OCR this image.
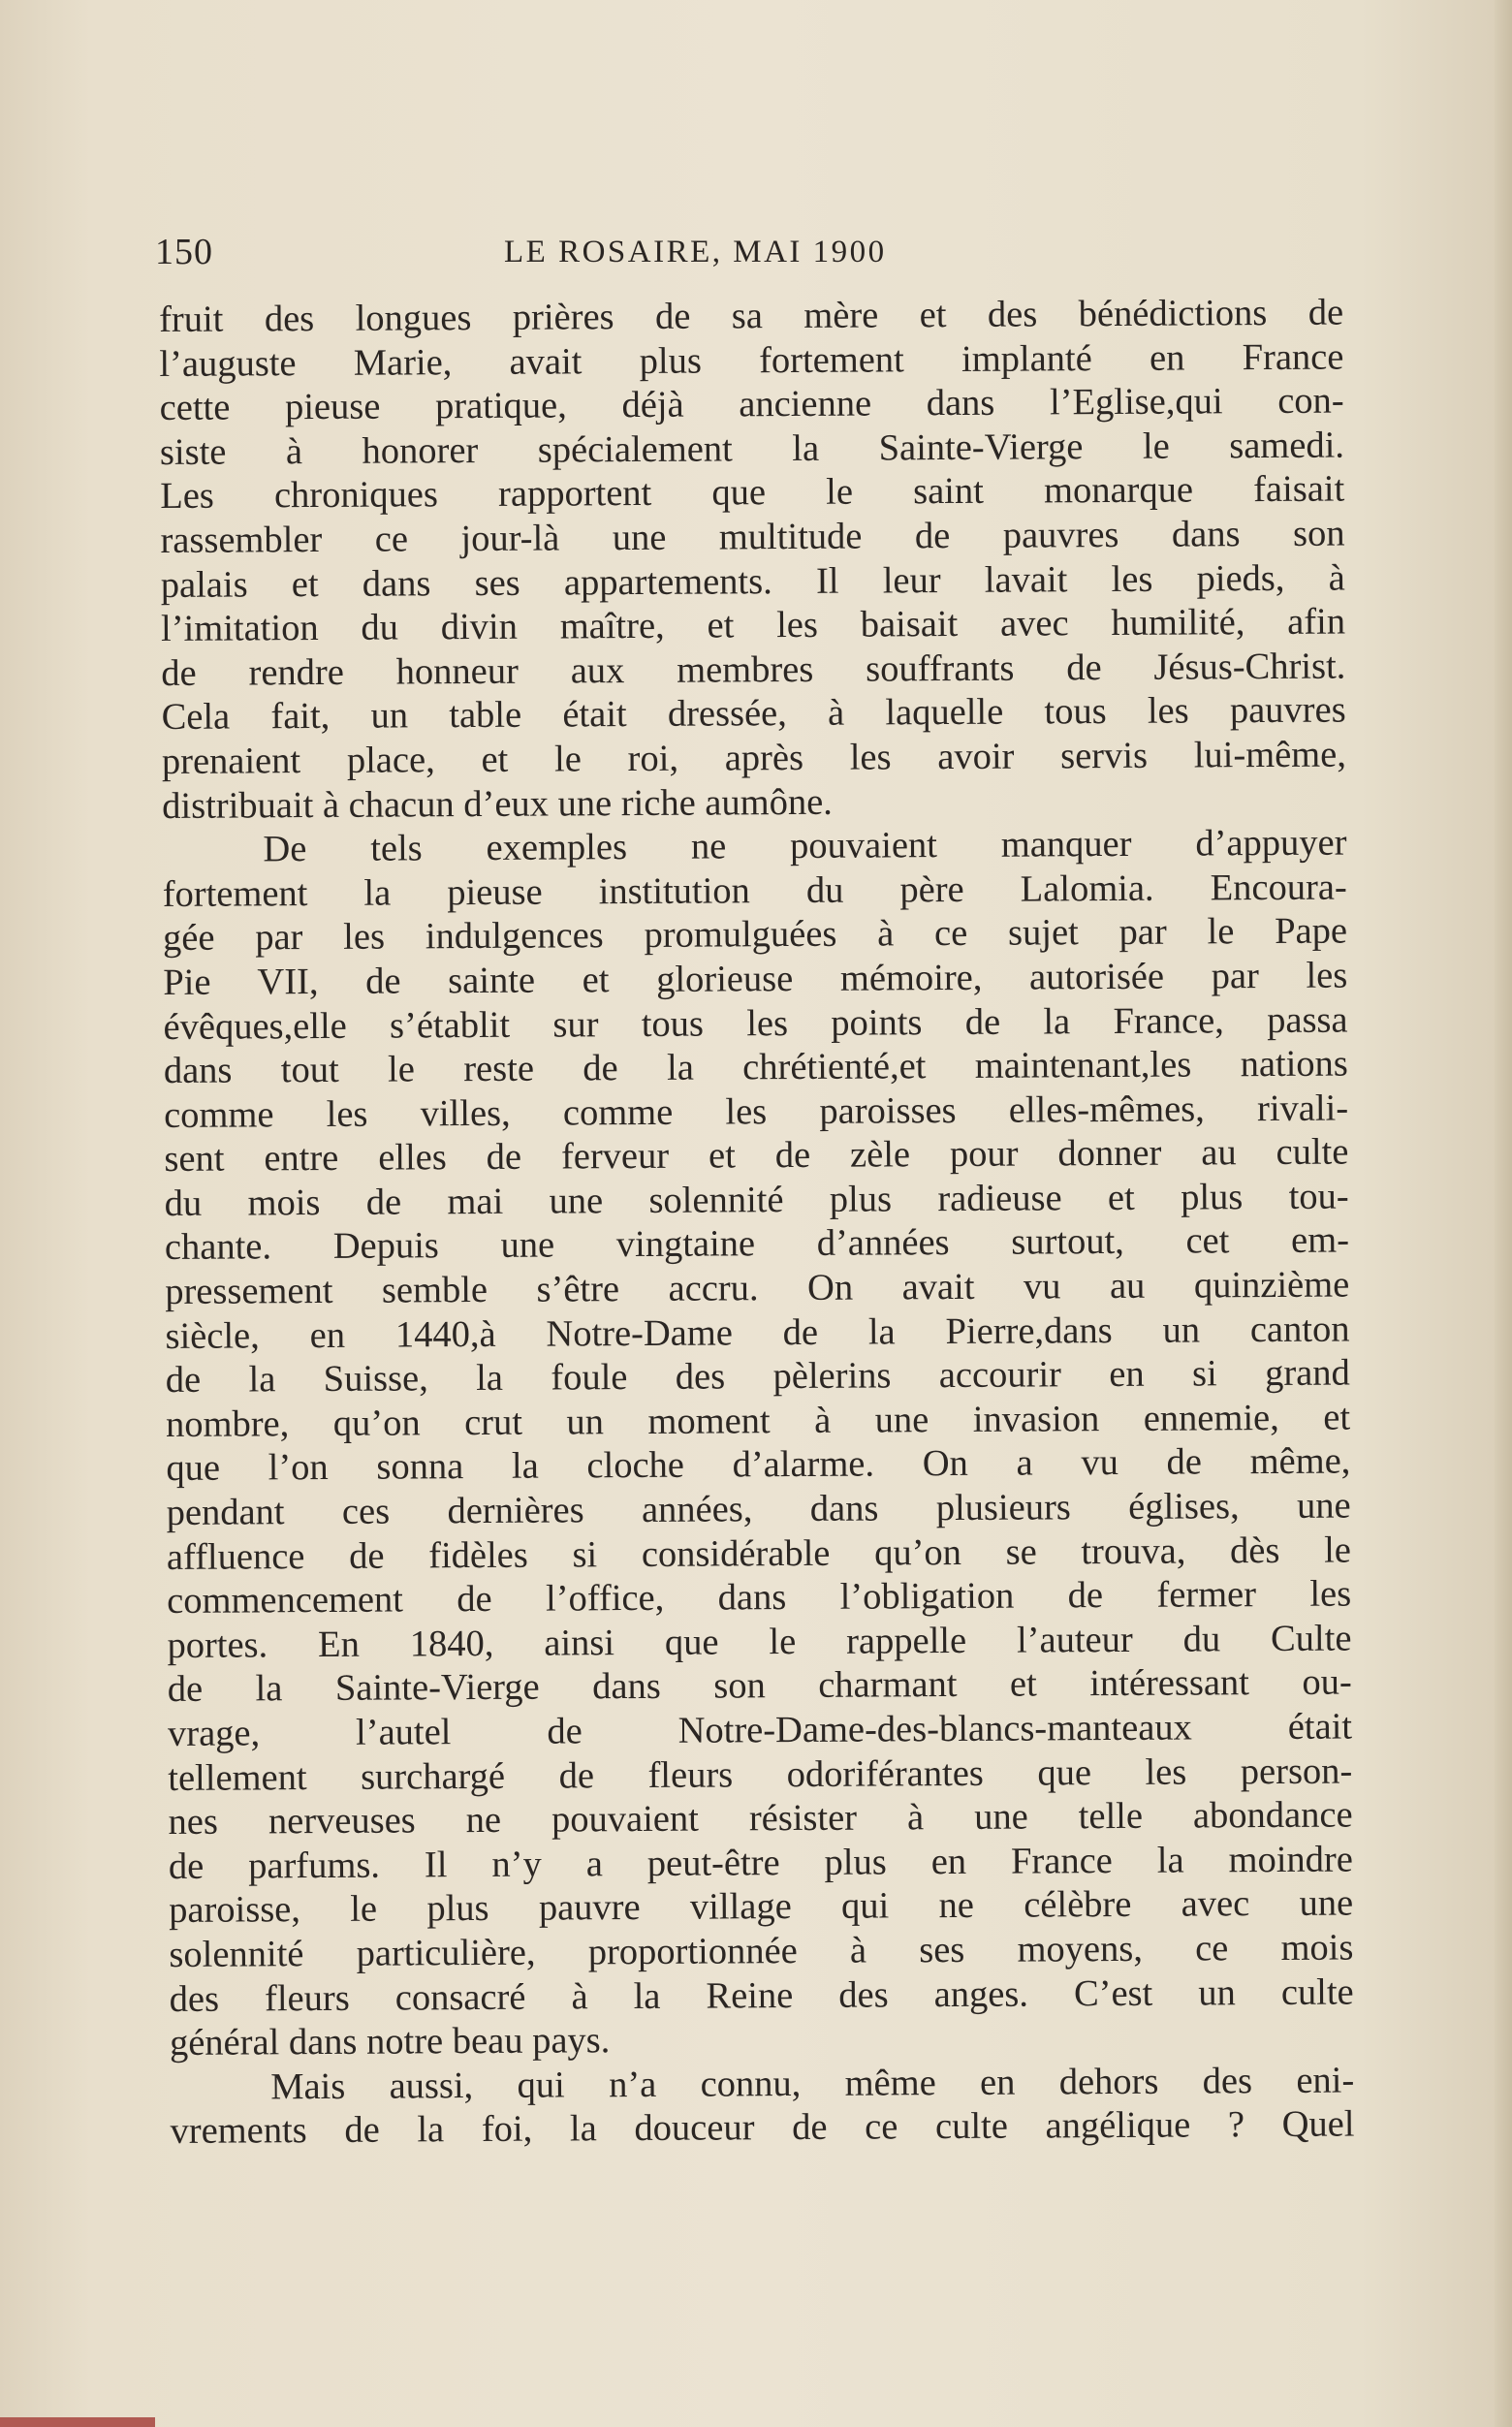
150	LE ROSAIRE, MAI 1900
fruit des longues prières de sa mère et des bénédictions de
l’auguste Marie, avait plus fortement implanté en France
cette pieuse pratique, déjà ancienne dans l’Eglise,qui con-
siste à honorer spécialement la Sainte-Vierge le samedi.
Les chroniques rapportent que le saint monarque faisait
rassembler ce jour-là une multitude de pauvres dans son
palais et dans ses appartements. Il leur lavait les pieds, à
l’imitation du divin maître, et les baisait avec humilité, afin
de rendre honneur aux membres souffrants de Jésus-Christ.
Cela fait, un table était dressée, à laquelle tous les pauvres
prenaient place, et le roi, après les avoir servis lui-même,
distribuait à chacun d’eux une riche aumône.
De tels exemples ne pouvaient manquer d’appuyer
fortement la pieuse institution du père Lalomia. Encoura-
gée par les indulgences promulguées à ce sujet par le Pape
Pie VII, de sainte et glorieuse mémoire, autorisée par les
évêques,elle s’établit sur tous les points de la France, passa
dans tout le reste de la chrétienté,et maintenant,les nations
comme les villes, comme les paroisses elles-mêmes, rivali-
sent entre elles de ferveur et de zèle pour donner au culte
du mois de mai une solennité plus radieuse et plus tou-
chante. Depuis une vingtaine d’années surtout, cet em-
pressement semble s’être accru. On avait vu au quinzième
siècle, en 1440,à Notre-Dame de la Pierre,dans un canton
de la Suisse, la foule des pèlerins accourir en si grand
nombre, qu’on crut un moment à une invasion ennemie, et
que l’on sonna la cloche d’alarme. On a vu de même,
pendant ces dernières années, dans plusieurs églises, une
affluence de fidèles si considérable qu’on se trouva, dès le
commencement de l’office, dans l’obligation de fermer les
portes. En 1840, ainsi que le rappelle l’auteur du Culte
de la Sainte-Vierge dans son charmant et intéressant ou-
vrage, l’autel de Notre-Dame-des-blancs-manteaux était
tellement surchargé de fleurs odoriférantes que les person-
nes nerveuses ne pouvaient résister à une telle abondance
de parfums. Il n’y a peut-être plus en France la moindre
paroisse, le plus pauvre village qui ne célèbre avec une
solennité particulière, proportionnée à ses moyens, ce mois
des fleurs consacré à la Reine des anges. C’est un culte
général dans notre beau pays.
Mais aussi, qui n’a connu, même en dehors des eni-
vrements de la foi, la douceur de ce culte angélique ? Quel
